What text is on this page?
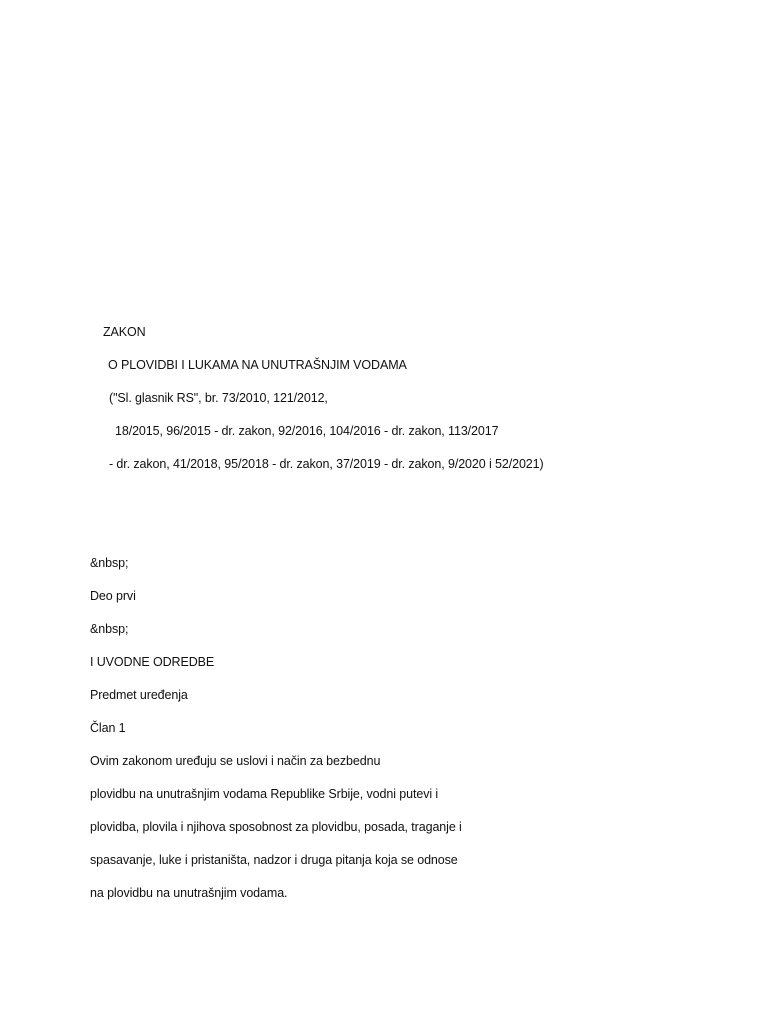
ZAKON
O PLOVIDBI I LUKAMA NA UNUTRAŠNJIM VODAMA
("Sl. glasnik RS", br. 73/2010, 121/2012,
18/2015, 96/2015 - dr. zakon, 92/2016, 104/2016 - dr. zakon, 113/2017
- dr. zakon, 41/2018, 95/2018 - dr. zakon, 37/2019 - dr. zakon, 9/2020 i 52/2021)
&nbsp;
Deo prvi
&nbsp;
I UVODNE ODREDBE
Predmet uređenja
Član 1
Ovim zakonom uređuju se uslovi i način za bezbednu
plovidbu na unutrašnjim vodama Republike Srbije, vodni putevi i
plovidba, plovila i njihova sposobnost za plovidbu, posada, traganje i
spasavanje, luke i pristaništa, nadzor i druga pitanja koja se odnose
na plovidbu na unutrašnjim vodama.
